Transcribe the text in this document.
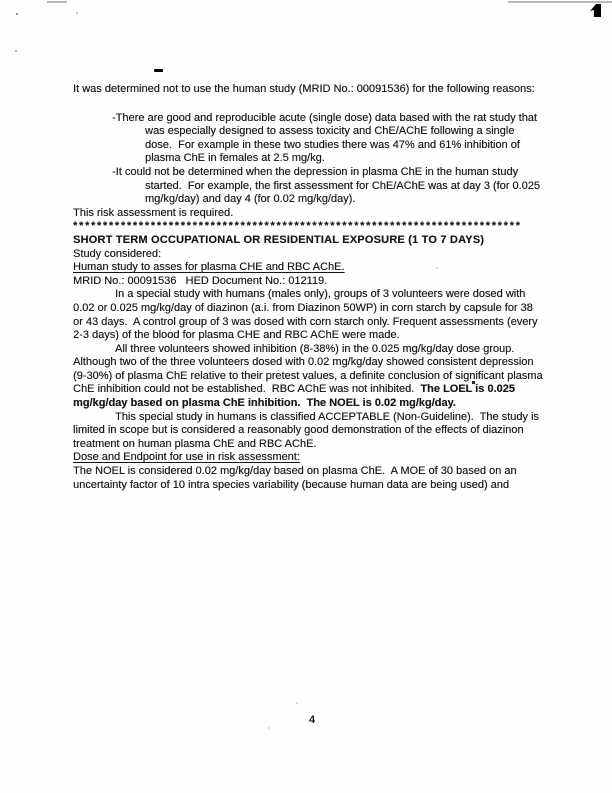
It was determined not to use the human study (MRID No.: 00091536) for the following reasons:

-There are good and reproducible acute (single dose) data based with the rat study that was especially designed to assess toxicity and ChE/AChE following a single dose.  For example in these two studies there was 47% and 61% inhibition of plasma ChE in females at 2.5 mg/kg.

-It could not be determined when the depression in plasma ChE in the human study started.  For example, the first assessment for ChE/AChE was at day 3 (for 0.025 mg/kg/day) and day 4 (for 0.02 mg/kg/day).

This risk assessment is required.

***************************************************************************

SHORT TERM OCCUPATIONAL OR RESIDENTIAL EXPOSURE (1 TO 7 DAYS)

Study considered:

Human study to asses for plasma CHE and RBC AChE.

MRID No.: 00091536   HED Document No.: 012119.

In a special study with humans (males only), groups of 3 volunteers were dosed with 0.02 or 0.025 mg/kg/day of diazinon (a.i. from Diazinon 50WP) in corn starch by capsule for 38 or 43 days.  A control group of 3 was dosed with corn starch only. Frequent assessments (every 2-3 days) of the blood for plasma CHE and RBC AChE were made.

All three volunteers showed inhibition (8-38%) in the 0.025 mg/kg/day dose group. Although two of the three volunteers dosed with 0.02 mg/kg/day showed consistent depression (9-30%) of plasma ChE relative to their pretest values, a definite conclusion of significant plasma ChE inhibition could not be established.  RBC AChE was not inhibited.  The LOEL is 0.025 mg/kg/day based on plasma ChE inhibition.  The NOEL is 0.02 mg/kg/day.

This special study in humans is classified ACCEPTABLE (Non-Guideline).  The study is limited in scope but is considered a reasonably good demonstration of the effects of diazinon treatment on human plasma ChE and RBC AChE.

Dose and Endpoint for use in risk assessment:

The NOEL is considered 0.02 mg/kg/day based on plasma ChE.  A MOE of 30 based on an uncertainty factor of 10 intra species variability (because human data are being used) and

4
